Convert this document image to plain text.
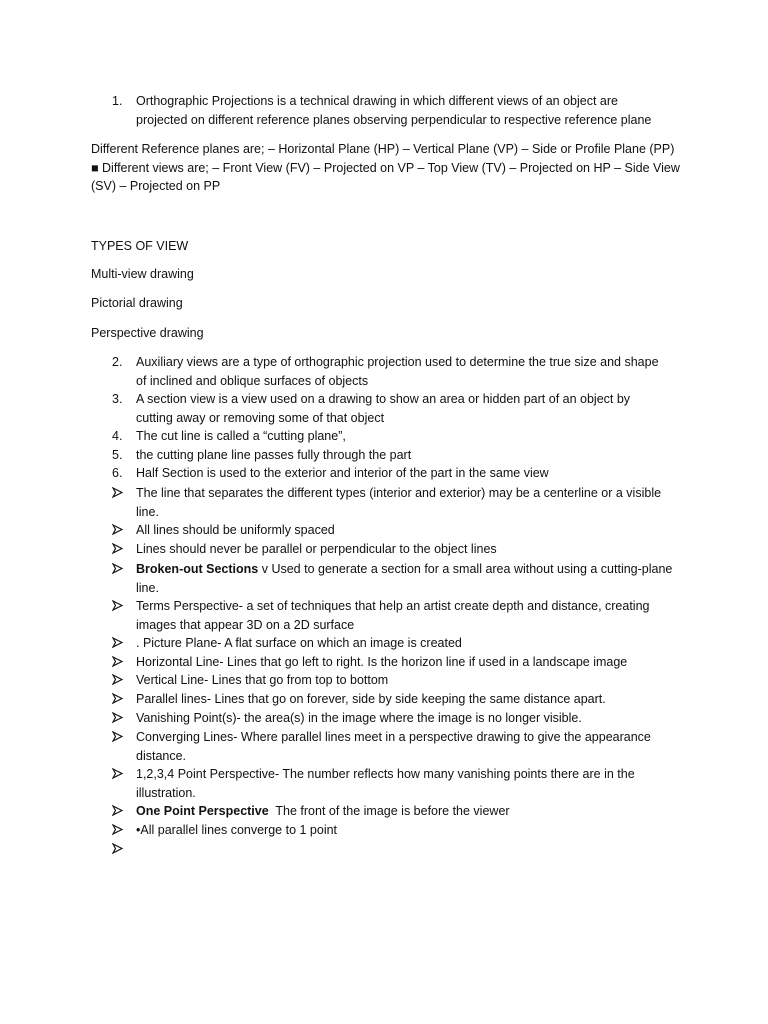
1. Orthographic Projections is a technical drawing in which different views of an object are
projected on different reference planes observing perpendicular to respective reference plane
Different Reference planes are; – Horizontal Plane (HP) – Vertical Plane (VP) – Side or Profile Plane (PP)
■ Different views are; – Front View (FV) – Projected on VP – Top View (TV) – Projected on HP – Side View
(SV) – Projected on PP
TYPES OF VIEW
Multi-view drawing
Pictorial drawing
Perspective drawing
2. Auxiliary views are a type of orthographic projection used to determine the true size and shape
of inclined and oblique surfaces of objects
3. A section view is a view used on a drawing to show an area or hidden part of an object by
cutting away or removing some of that object
4. The cut line is called a “cutting plane”,
5. the cutting plane line passes fully through the part
6. Half Section is used to the exterior and interior of the part in the same view
The line that separates the different types (interior and exterior) may be a centerline or a visible
line.
All lines should be uniformly spaced
Lines should never be parallel or perpendicular to the object lines
Broken-out Sections v Used to generate a section for a small area without using a cutting-plane
line.
Terms Perspective- a set of techniques that help an artist create depth and distance, creating
images that appear 3D on a 2D surface
. Picture Plane- A flat surface on which an image is created
Horizontal Line- Lines that go left to right. Is the horizon line if used in a landscape image
Vertical Line- Lines that go from top to bottom
Parallel lines- Lines that go on forever, side by side keeping the same distance apart.
Vanishing Point(s)- the area(s) in the image where the image is no longer visible.
Converging Lines- Where parallel lines meet in a perspective drawing to give the appearance
distance.
1,2,3,4 Point Perspective- The number reflects how many vanishing points there are in the
illustration.
One Point Perspective  The front of the image is before the viewer
•All parallel lines converge to 1 point
